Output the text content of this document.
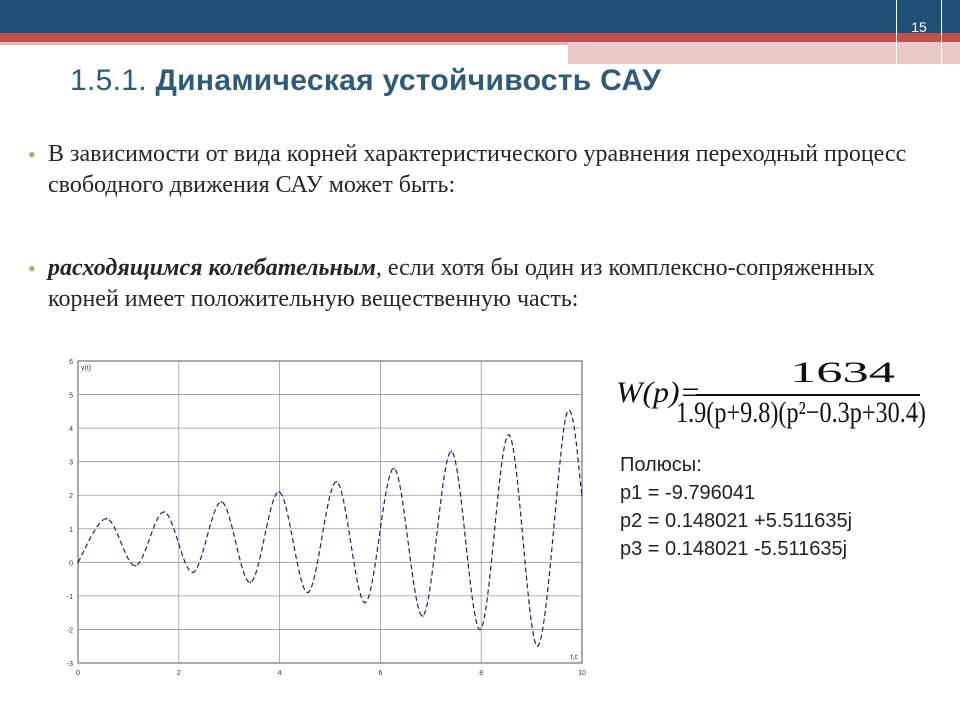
15
1.5.1. Динамическая устойчивость САУ
• В зависимости от вида корней характеристического уравнения переходный процесс свободного движения САУ может быть:
• расходящимся колебательным, если хотя бы один из комплексно-сопряженных корней имеет положительную вещественную часть:
6
5
4
3
2
1
0
-1
-2
-3
0	2	4	6	8	10
y(t)
t,c
1634
W(p)=
1.9(p+9.8)(p²−0.3p+30.4)
Полюсы:
p1 = -9.796041
p2 = 0.148021 +5.511635j
p3 = 0.148021 -5.511635j
